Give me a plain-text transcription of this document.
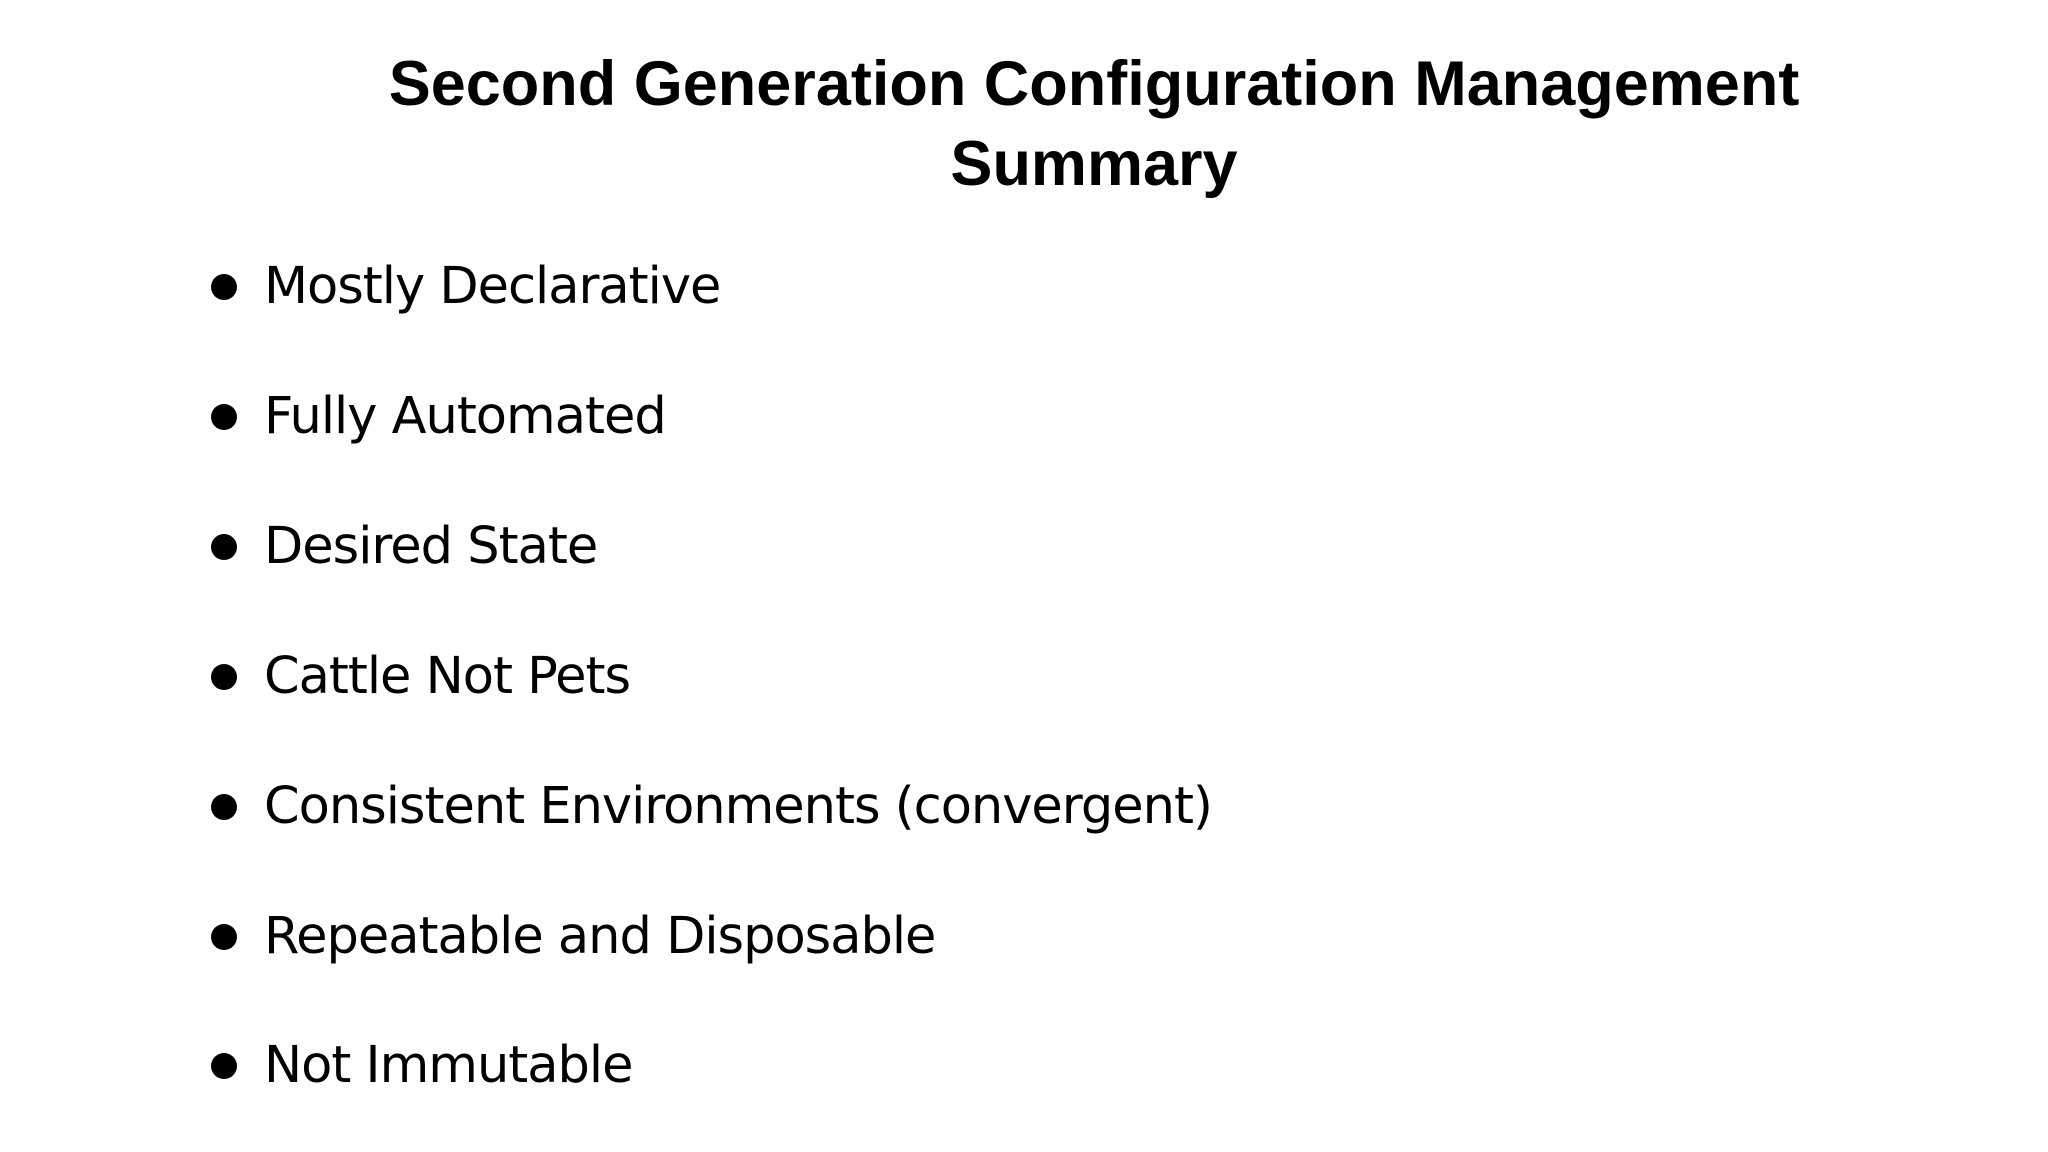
Second Generation Configuration Management
Summary
Mostly Declarative
Fully Automated
Desired State
Cattle Not Pets
Consistent Environments (convergent)
Repeatable and Disposable
Not Immutable
